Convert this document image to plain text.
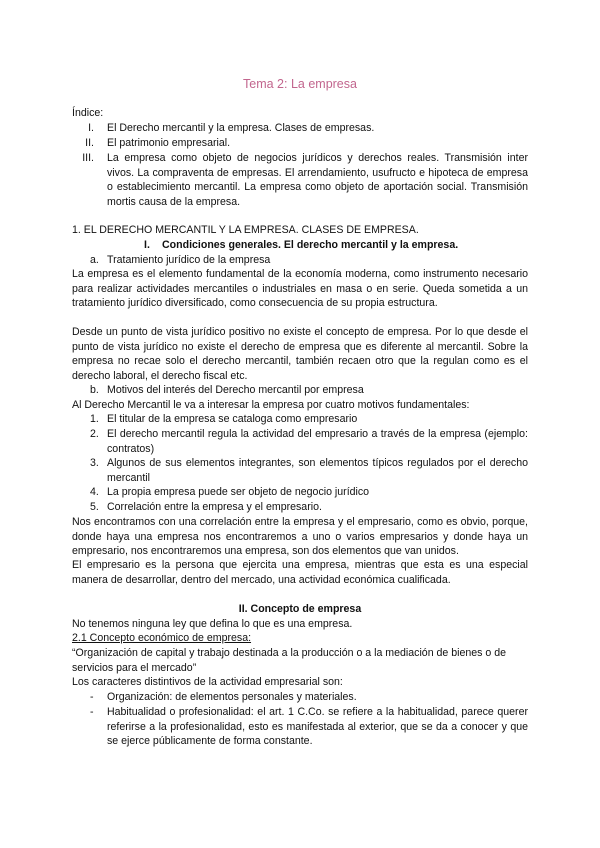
Tema 2: La empresa
Índice:
I. El Derecho mercantil y la empresa. Clases de empresas.
II. El patrimonio empresarial.
III. La empresa como objeto de negocios jurídicos y derechos reales. Transmisión inter vivos. La compraventa de empresas. El arrendamiento, usufructo e hipoteca de empresa o establecimiento mercantil. La empresa como objeto de aportación social. Transmisión mortis causa de la empresa.
1. EL DERECHO MERCANTIL Y LA EMPRESA. CLASES DE EMPRESA.
I. Condiciones generales. El derecho mercantil y la empresa.
a. Tratamiento jurídico de la empresa
La empresa es el elemento fundamental de la economía moderna, como instrumento necesario para realizar actividades mercantiles o industriales en masa o en serie. Queda sometida a un tratamiento jurídico diversificado, como consecuencia de su propia estructura.
Desde un punto de vista jurídico positivo no existe el concepto de empresa. Por lo que desde el punto de vista jurídico no existe el derecho de empresa que es diferente al mercantil. Sobre la empresa no recae solo el derecho mercantil, también recaen otro que la regulan como es el derecho laboral, el derecho fiscal etc.
b. Motivos del interés del Derecho mercantil por empresa
Al Derecho Mercantil le va a interesar la empresa por cuatro motivos fundamentales:
1. El titular de la empresa se cataloga como empresario
2. El derecho mercantil regula la actividad del empresario a través de la empresa (ejemplo: contratos)
3. Algunos de sus elementos integrantes, son elementos típicos regulados por el derecho mercantil
4. La propia empresa puede ser objeto de negocio jurídico
5. Correlación entre la empresa y el empresario.
Nos encontramos con una correlación entre la empresa y el empresario, como es obvio, porque, donde haya una empresa nos encontraremos a uno o varios empresarios y donde haya un empresario, nos encontraremos una empresa, son dos elementos que van unidos.
El empresario es la persona que ejercita una empresa, mientras que esta es una especial manera de desarrollar, dentro del mercado, una actividad económica cualificada.
II. Concepto de empresa
No tenemos ninguna ley que defina lo que es una empresa.
2.1 Concepto económico de empresa:
“Organización de capital y trabajo destinada a la producción o a la mediación de bienes o de servicios para el mercado”
Los caracteres distintivos de la actividad empresarial son:
- Organización: de elementos personales y materiales.
- Habitualidad o profesionalidad: el art. 1 C.Co. se refiere a la habitualidad, parece querer referirse a la profesionalidad, esto es manifestada al exterior, que se da a conocer y que se ejerce públicamente de forma constante.
